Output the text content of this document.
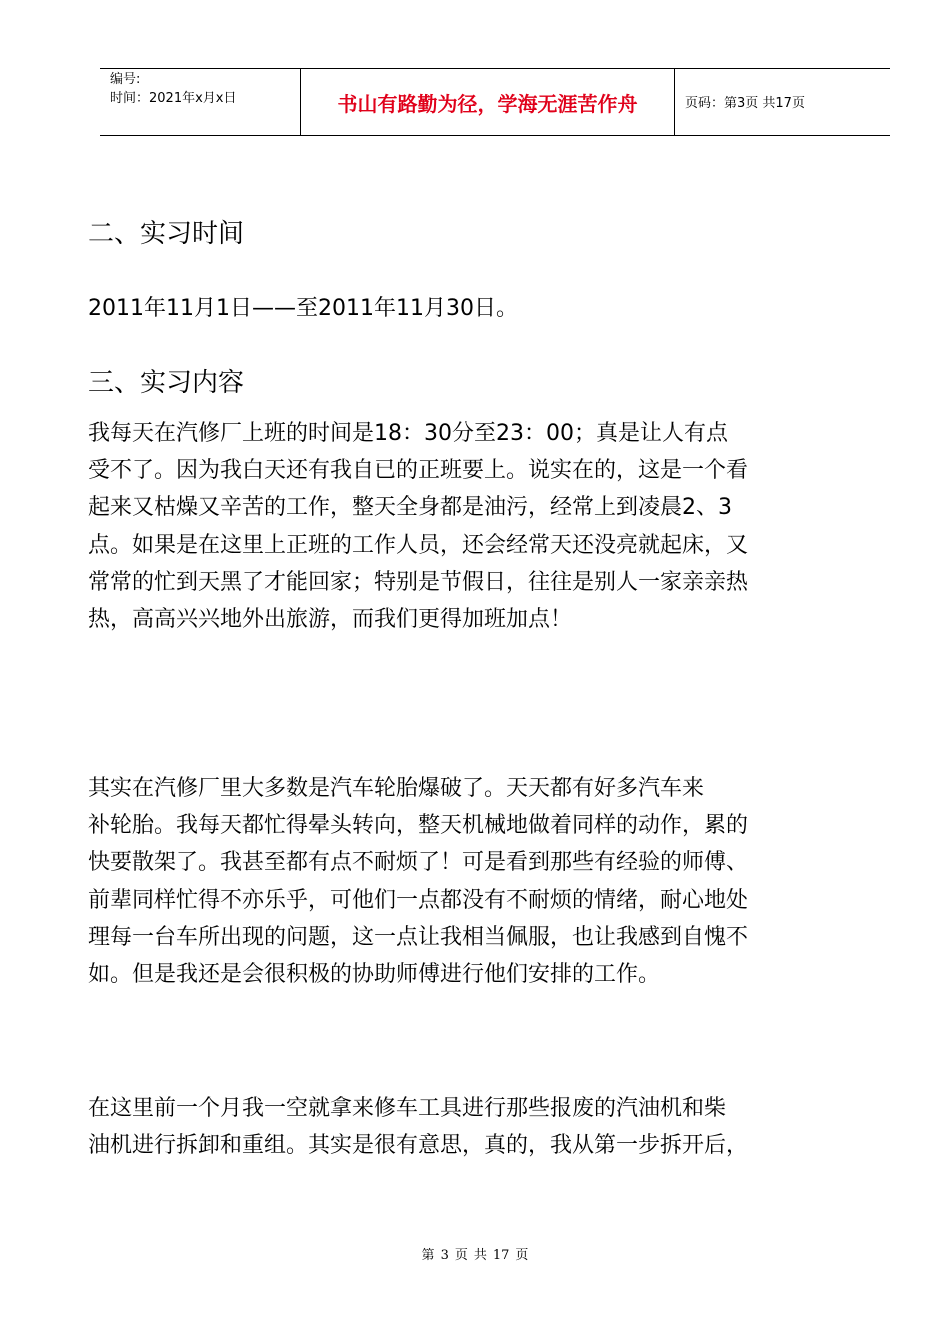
编号:
时间：2021年x月x日	书山有路勤为径，学海无涯苦作舟	页码：第3页 共17页
二、实习时间
2011年11月1日——至2011年11月30日。
三、实习内容
我每天在汽修厂上班的时间是18：30分至23：00；真是让人有点
受不了。因为我白天还有我自已的正班要上。说实在的，这是一个看
起来又枯燥又辛苦的工作，整天全身都是油污，经常上到凌晨2、3
点。如果是在这里上正班的工作人员，还会经常天还没亮就起床，又
常常的忙到天黑了才能回家；特别是节假日，往往是别人一家亲亲热
热，高高兴兴地外出旅游，而我们更得加班加点！
其实在汽修厂里大多数是汽车轮胎爆破了。天天都有好多汽车来
补轮胎。我每天都忙得晕头转向，整天机械地做着同样的动作，累的
快要散架了。我甚至都有点不耐烦了！可是看到那些有经验的师傅、
前辈同样忙得不亦乐乎，可他们一点都没有不耐烦的情绪，耐心地处
理每一台车所出现的问题，这一点让我相当佩服，也让我感到自愧不
如。但是我还是会很积极的协助师傅进行他们安排的工作。
在这里前一个月我一空就拿来修车工具进行那些报废的汽油机和柴
油机进行拆卸和重组。其实是很有意思，真的，我从第一步拆开后，
第 3 页 共 17 页
